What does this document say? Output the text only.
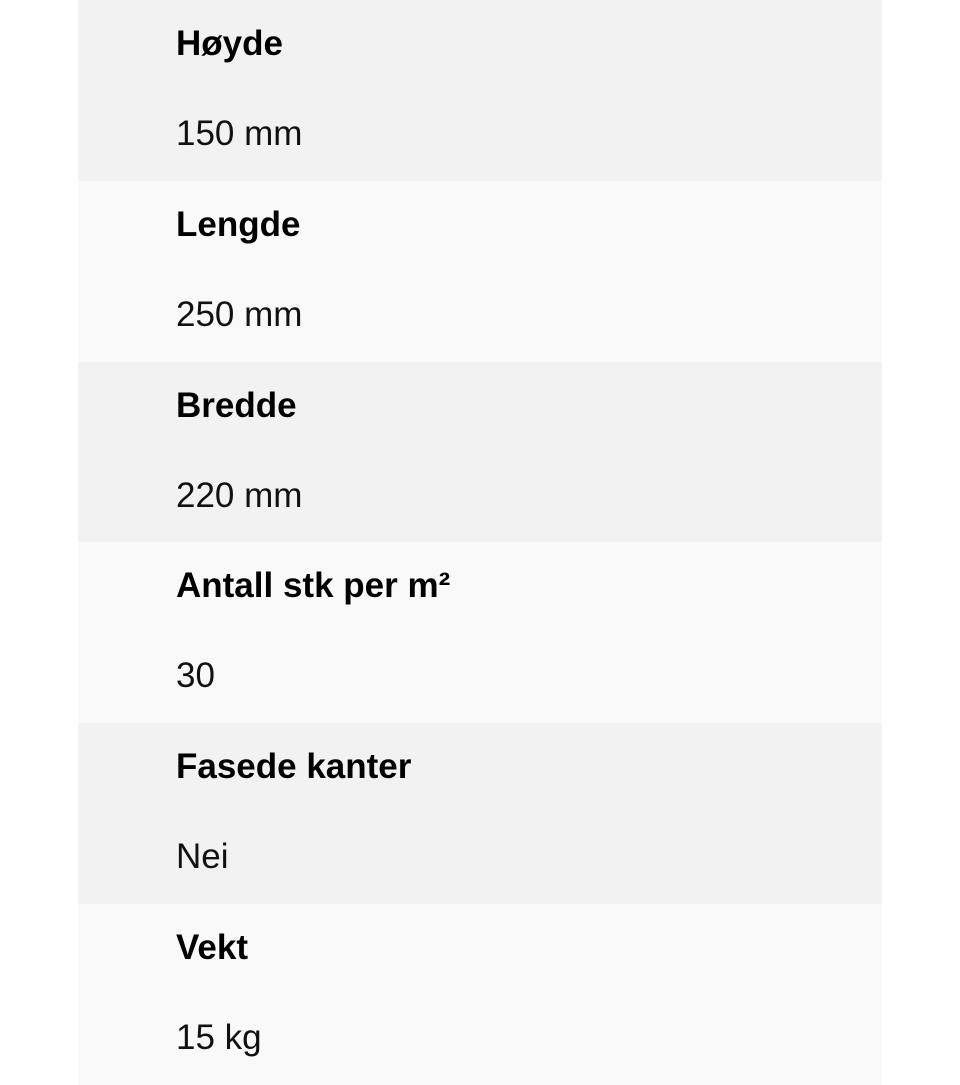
Høyde
150 mm
Lengde
250 mm
Bredde
220 mm
Antall stk per m²
30
Fasede kanter
Nei
Vekt
15 kg
